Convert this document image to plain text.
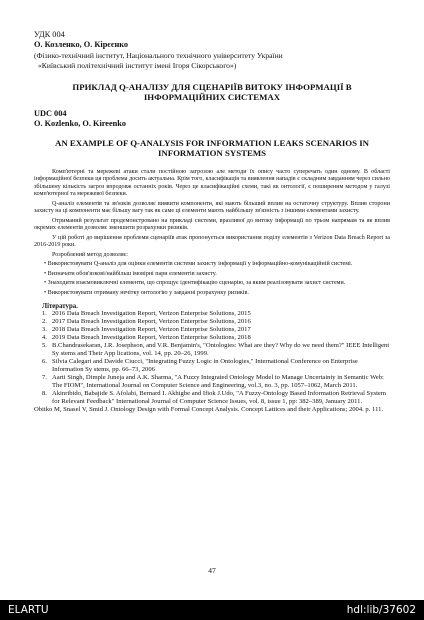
УДК 004
О. Козленко, О. Кірєєнко
(Фізико-технічний інститут, Національного технічного університету України
«Київський політехнічний інститут імені Ігоря Сікорського»)
ПРИКЛАД Q-АНАЛІЗУ ДЛЯ СЦЕНАРІЇВ ВИТОКУ ІНФОРМАЦІЇ В ІНФОРМАЦІЙНИХ СИСТЕМАХ
UDC 004
O. Kozlenko, O. Kireenko
AN EXAMPLE OF Q-ANALYSIS FOR INFORMATION LEAKS SCENARIOS IN INFORMATION SYSTEMS

Комп'ютерні та мережеві атаки стали постійною загрозою але методи їх опису часто суперечать один одному. В області інформаційної безпеки ця проблема досить актуальна. Крім того, класифікація та виявлення нападів є складним завданням через сильно збільшену кількість загроз впродовж останніх років. Через це класифікаційні схеми, такі як онтології, є поширеним методом у галузі комп'ютерної та мережевої безпеки.

Q-аналіз елементів та зв'язків дозволяє виявити компоненти, які мають більший вплив на остаточну структуру. Вплив сторони захисту на ці компоненти має більшу вагу так як саме ці елементи мають найбільшу зв'язність з іншими елементами захисту.

Отриманий результат продемонстровано на прикладі системи, вразливої до витоку інформації по трьом напрямам та як вплив окремих елементів дозволяє зменшити розрахунки ризиків.

У цій роботі до вирішення проблеми сценаріїв атак пропонується використання поділу елементів з Verizon Data Breach Report за 2016-2019 роки.

Розроблений метод дозволяє:

• Використовувати Q-аналіз для оцінки елементів системи захисту інформації у інформаційно-комунікаційній системі.

• Визначати обов'язкові/найбільш імовірні пари елементів захисту.

• Знаходити взаємовиключні елементи, що спрощує ідентифікацію сценарію, за яким реалізовувати захист системи.

• Використовувати отриману нечітку онтологію у завданні розрахунку ризиків.

Література.

1. 2016 Data Breach Investigation Report, Verizon Enterprise Solutions, 2015

2. 2017 Data Breach Investigation Report, Verizon Enterprise Solutions, 2016

3. 2018 Data Breach Investigation Report, Verizon Enterprise Solutions, 2017

4. 2019 Data Breach Investigation Report, Verizon Enterprise Solutions, 2018

5. B.Chandrasekaran, J.R. Josephson, and V.R. Benjamin's, "Ontologies: What are they? Why do we need them?" IEEE Intelligent Sy stems and Their App lications, vol. 14, pp. 20–26, 1999.

6. Silvia Calegari and Davide Ciucci, "Integrating Fuzzy Logic in Ontologies," International Conference on Enterprise Information Sy stems, pp. 66–73, 2006

7. Aarti Singh, Dimple Juneja and A.K. Sharma, "A Fuzzy Integrated Ontology Model to Manage Uncertainty in Semantic Web: The FIOM", International Journal on Computer Science and Engineering, vol.3, no. 3, pp. 1057–1062, March 2011.

8. Akinribido, Babajide S. Afolabi, Bernard I. Akhigbe and Ifiok J.Udo, "A Fuzzy-Ontology Based Information Retrieval System for Relevant Feedback" International Journal of Computer Science Issues, vol. 8, issue 1, pp: 382–389, January 2011.

Obitko M, Snasel V, Smid J. Ontology Design with Formal Concept Analysis. Concept Lattices and their Applications; 2004. p. 111.

47
ELARTU	hdl:lib/37602
